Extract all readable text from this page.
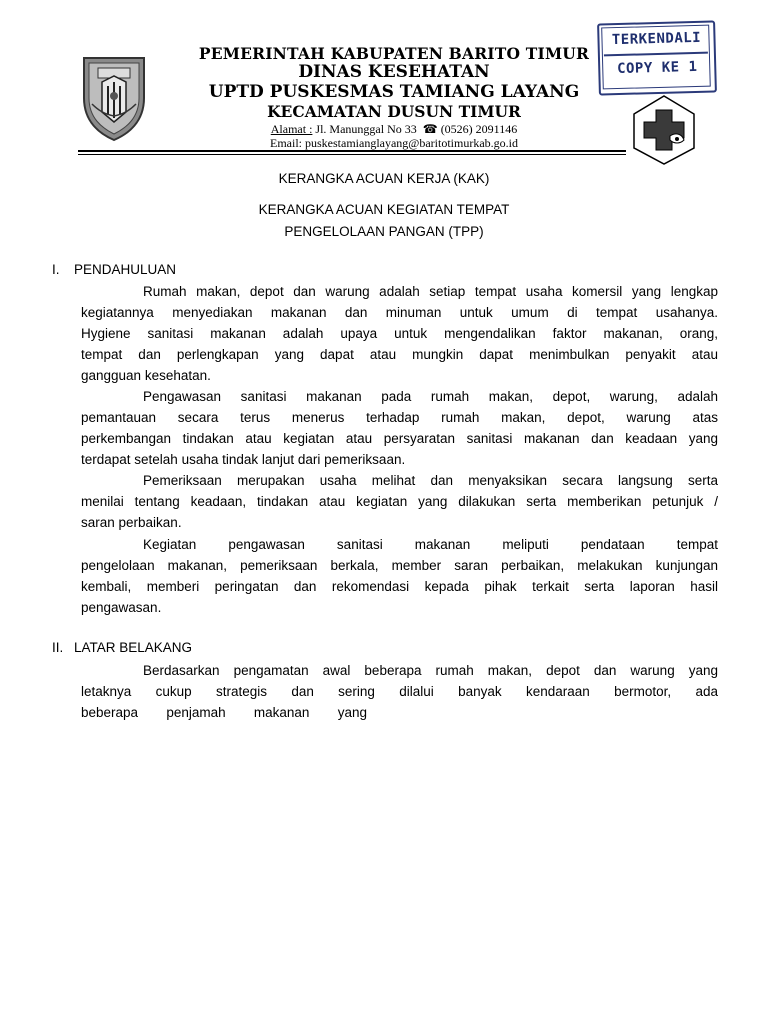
PEMERINTAH KABUPATEN BARITO TIMUR
DINAS KESEHATAN
UPTD PUSKESMAS TAMIANG LAYANG
KECAMATAN DUSUN TIMUR
Alamat : Jl. Manunggal No 33 ☎ (0526) 2091146
Email: puskestamianglayang@baritotimurkab.go.id
TERKENDALI
COPY KE 1
KERANGKA ACUAN KERJA (KAK)
KERANGKA ACUAN KEGIATAN TEMPAT
PENGELOLAAN PANGAN (TPP)
I. PENDAHULUAN
Rumah makan, depot dan warung adalah setiap tempat usaha komersil yang lengkap
kegiatannya menyediakan makanan dan minuman untuk umum di tempat usahanya.
Hygiene sanitasi makanan adalah upaya untuk mengendalikan faktor makanan, orang,
tempat dan perlengkapan yang dapat atau mungkin dapat menimbulkan penyakit atau
gangguan kesehatan.
Pengawasan sanitasi makanan pada rumah makan, depot, warung, adalah
pemantauan secara terus menerus terhadap rumah makan, depot, warung atas
perkembangan tindakan atau kegiatan atau persyaratan sanitasi makanan dan keadaan yang
terdapat setelah usaha tindak lanjut dari pemeriksaan.
Pemeriksaan merupakan usaha melihat dan menyaksikan secara langsung serta
menilai tentang keadaan, tindakan atau kegiatan yang dilakukan serta memberikan petunjuk /
saran perbaikan.
Kegiatan pengawasan sanitasi makanan meliputi pendataan tempat
pengelolaan makanan, pemeriksaan berkala, member saran perbaikan, melakukan kunjungan
kembali, memberi peringatan dan rekomendasi kepada pihak terkait serta laporan hasil
pengawasan.
II. LATAR BELAKANG
Berdasarkan pengamatan awal beberapa rumah makan, depot dan warung yang
letaknya cukup strategis dan sering dilalui banyak kendaraan bermotor, ada
beberapa penjamah makanan yang
